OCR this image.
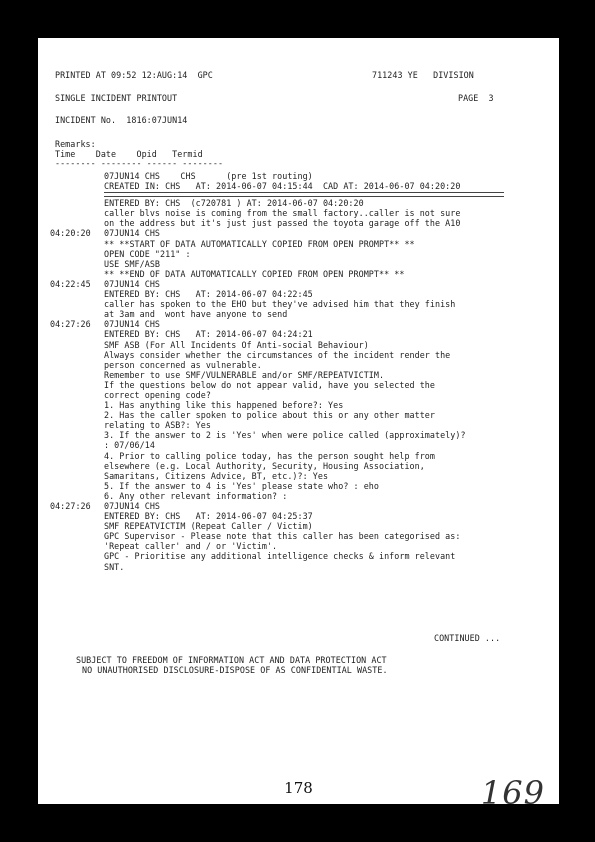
PRINTED AT 09:52 12:AUG:14  GPC	711243 YE   DIVISION
SINGLE INCIDENT PRINTOUT	PAGE  3
INCIDENT No.  1816:07JUN14
Remarks:
Time    Date    Opid   Termid
-------- -------- ------ --------
07JUN14 CHS    CHS      (pre 1st routing)
CREATED IN: CHS   AT: 2014-06-07 04:15:44  CAD AT: 2014-06-07 04:20:20
ENTERED BY: CHS  (c720781 ) AT: 2014-06-07 04:20:20
caller blvs noise is coming from the small factory..caller is not sure
on the address but it's just just passed the toyota garage off the A10
04:20:20 07JUN14 CHS
** **START OF DATA AUTOMATICALLY COPIED FROM OPEN PROMPT** **
OPEN CODE "211" :
USE SMF/ASB
** **END OF DATA AUTOMATICALLY COPIED FROM OPEN PROMPT** **
04:22:45 07JUN14 CHS
ENTERED BY: CHS   AT: 2014-06-07 04:22:45
caller has spoken to the EHO but they've advised him that they finish
at 3am and  wont have anyone to send
04:27:26 07JUN14 CHS
ENTERED BY: CHS   AT: 2014-06-07 04:24:21
SMF ASB (For All Incidents Of Anti-social Behaviour)
Always consider whether the circumstances of the incident render the
person concerned as vulnerable.
Remember to use SMF/VULNERABLE and/or SMF/REPEATVICTIM.
If the questions below do not appear valid, have you selected the
correct opening code?
1. Has anything like this happened before?: Yes
2. Has the caller spoken to police about this or any other matter
relating to ASB?: Yes
3. If the answer to 2 is 'Yes' when were police called (approximately)?
: 07/06/14
4. Prior to calling police today, has the person sought help from
elsewhere (e.g. Local Authority, Security, Housing Association,
Samaritans, Citizens Advice, BT, etc.)?: Yes
5. If the answer to 4 is 'Yes' please state who? : eho
6. Any other relevant information? :
04:27:26 07JUN14 CHS
ENTERED BY: CHS   AT: 2014-06-07 04:25:37
SMF REPEATVICTIM (Repeat Caller / Victim)
GPC Supervisor - Please note that this caller has been categorised as:
'Repeat caller' and / or 'Victim'.
GPC - Prioritise any additional intelligence checks & inform relevant
SNT.
CONTINUED ...
SUBJECT TO FREEDOM OF INFORMATION ACT AND DATA PROTECTION ACT
NO UNAUTHORISED DISCLOSURE-DISPOSE OF AS CONFIDENTIAL WASTE.
178	169
